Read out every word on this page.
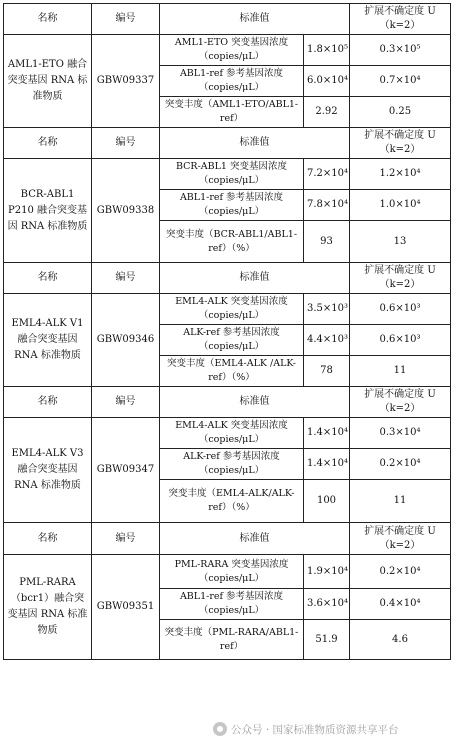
名称	编号	标准值		扩展不确定度 U（k=2）
AML1-ETO 融合突变基因 RNA 标准物质	GBW09337	AML1-ETO 突变基因浓度（copies/μL）	1.8×10⁵	0.3×10⁵
		ABL1-ref 参考基因浓度（copies/μL）	6.0×10⁴	0.7×10⁴
		突变丰度（AML1-ETO/ABL1-ref）	2.92	0.25
名称	编号	标准值		扩展不确定度 U（k=2）
BCR-ABL1 P210 融合突变基因 RNA 标准物质	GBW09338	BCR-ABL1 突变基因浓度（copies/μL）	7.2×10⁴	1.2×10⁴
		ABL1-ref 参考基因浓度（copies/μL）	7.8×10⁴	1.0×10⁴
		突变丰度（BCR-ABL1/ABL1-ref）（%）	93	13
名称	编号	标准值		扩展不确定度 U（k=2）
EML4-ALK V1 融合突变基因 RNA 标准物质	GBW09346	EML4-ALK 突变基因浓度（copies/μL）	3.5×10³	0.6×10³
		ALK-ref 参考基因浓度（copies/μL）	4.4×10³	0.6×10³
		突变丰度（EML4-ALK /ALK-ref）（%）	78	11
名称	编号	标准值		扩展不确定度 U（k=2）
EML4-ALK V3 融合突变基因 RNA 标准物质	GBW09347	EML4-ALK 突变基因浓度（copies/μL）	1.4×10⁴	0.3×10⁴
		ALK-ref 参考基因浓度（copies/μL）	1.4×10⁴	0.2×10⁴
		突变丰度（EML4-ALK/ALK-ref）（%）	100	11
名称	编号	标准值		扩展不确定度 U（k=2）
PML-RARA（bcr1）融合突变基因 RNA 标准物质	GBW09351	PML-RARA 突变基因浓度（copies/μL）	1.9×10⁴	0.2×10⁴
		ABL1-ref 参考基因浓度（copies/μL）	3.6×10⁴	0.4×10⁴
		突变丰度（PML-RARA/ABL1-ref）	51.9	4.6
公众号 · 国家标准物质资源共享平台
